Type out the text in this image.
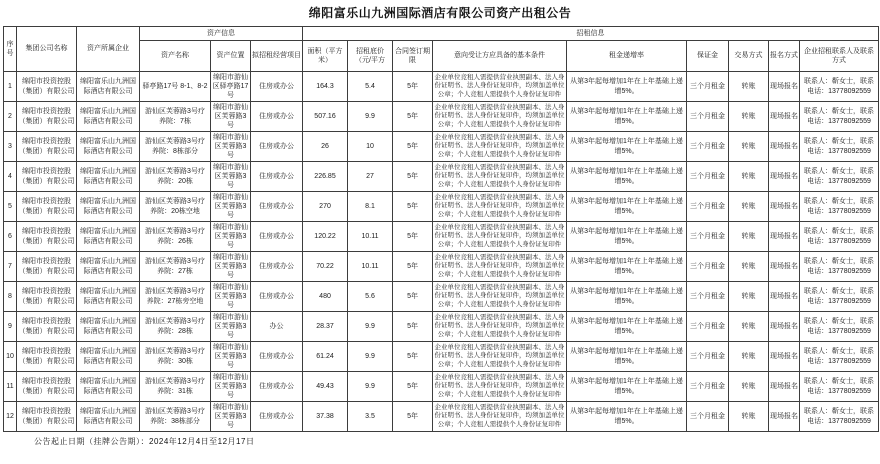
绵阳富乐山九洲国际酒店有限公司资产出租公告
序号	集团公司名称	资产所属企业	资产信息			招租信息								
			资产名称	资产位置	拟招租经营项目	面积（平方米）	招租底价（元/平方	合同签订期限	意向受让方应具备的基本条件	租金递增率	保证金	交易方式	报名方式	企业招租联系人及联系方式
1	绵阳市投资控股（集团）有限公司	绵阳富乐山九洲国际酒店有限公司	驿亭路17号 8-1、8-2	绵阳市游仙区驿亭路17号	住房或办公	164.3	5.4	5年	企业单位竞租人需提供营业执照副本、法人身份证明书、法人身份证复印件，均须加盖单位公章；个人竞租人需提供个人身份证复印件	从第3年起每增加1年在上年基础上递增5%。	三个月租金	转账	现场报名	联系人：靳女士，联系电话：13778092559
2	绵阳市投资控股（集团）有限公司	绵阳富乐山九洲国际酒店有限公司	游仙区芙蓉路3号疗养院：7栋	绵阳市游仙区芙蓉路3号	住房或办公	507.16	9.9	5年	企业单位竞租人需提供营业执照副本、法人身份证明书、法人身份证复印件，均须加盖单位公章；个人竞租人需提供个人身份证复印件	从第3年起每增加1年在上年基础上递增5%。	三个月租金	转账	现场报名	联系人：靳女士，联系电话：13778092559
3	绵阳市投资控股（集团）有限公司	绵阳富乐山九洲国际酒店有限公司	游仙区芙蓉路3号疗养院：8栋部分	绵阳市游仙区芙蓉路3号	住房或办公	26	10	5年	企业单位竞租人需提供营业执照副本、法人身份证明书、法人身份证复印件，均须加盖单位公章；个人竞租人需提供个人身份证复印件	从第3年起每增加1年在上年基础上递增5%。	三个月租金	转账	现场报名	联系人：靳女士，联系电话：13778092559
4	绵阳市投资控股（集团）有限公司	绵阳富乐山九洲国际酒店有限公司	游仙区芙蓉路3号疗养院：20栋	绵阳市游仙区芙蓉路3号	住房或办公	226.85	27	5年	企业单位竞租人需提供营业执照副本、法人身份证明书、法人身份证复印件，均须加盖单位公章；个人竞租人需提供个人身份证复印件	从第3年起每增加1年在上年基础上递增5%。	三个月租金	转账	现场报名	联系人：靳女士，联系电话：13778092559
5	绵阳市投资控股（集团）有限公司	绵阳富乐山九洲国际酒店有限公司	游仙区芙蓉路3号疗养院：20栋空地	绵阳市游仙区芙蓉路3号	住房或办公	270	8.1	5年	企业单位竞租人需提供营业执照副本、法人身份证明书、法人身份证复印件，均须加盖单位公章；个人竞租人需提供个人身份证复印件	从第3年起每增加1年在上年基础上递增5%。	三个月租金	转账	现场报名	联系人：靳女士，联系电话：13778092559
6	绵阳市投资控股（集团）有限公司	绵阳富乐山九洲国际酒店有限公司	游仙区芙蓉路3号疗养院：26栋	绵阳市游仙区芙蓉路3号	住房或办公	120.22	10.11	5年	企业单位竞租人需提供营业执照副本、法人身份证明书、法人身份证复印件，均须加盖单位公章；个人竞租人需提供个人身份证复印件	从第3年起每增加1年在上年基础上递增5%。	三个月租金	转账	现场报名	联系人：靳女士，联系电话：13778092559
7	绵阳市投资控股（集团）有限公司	绵阳富乐山九洲国际酒店有限公司	游仙区芙蓉路3号疗养院：27栋	绵阳市游仙区芙蓉路3号	住房或办公	70.22	10.11	5年	企业单位竞租人需提供营业执照副本、法人身份证明书、法人身份证复印件，均须加盖单位公章；个人竞租人需提供个人身份证复印件	从第3年起每增加1年在上年基础上递增5%。	三个月租金	转账	现场报名	联系人：靳女士，联系电话：13778092559
8	绵阳市投资控股（集团）有限公司	绵阳富乐山九洲国际酒店有限公司	游仙区芙蓉路3号疗养院：27栋旁空地	绵阳市游仙区芙蓉路3号	住房或办公	480	5.6	5年	企业单位竞租人需提供营业执照副本、法人身份证明书、法人身份证复印件，均须加盖单位公章；个人竞租人需提供个人身份证复印件	从第3年起每增加1年在上年基础上递增5%。	三个月租金	转账	现场报名	联系人：靳女士，联系电话：13778092559
9	绵阳市投资控股（集团）有限公司	绵阳富乐山九洲国际酒店有限公司	游仙区芙蓉路3号疗养院：28栋	绵阳市游仙区芙蓉路3号	办公	28.37	9.9	5年	企业单位竞租人需提供营业执照副本、法人身份证明书、法人身份证复印件，均须加盖单位公章；个人竞租人需提供个人身份证复印件	从第3年起每增加1年在上年基础上递增5%。	三个月租金	转账	现场报名	联系人：靳女士，联系电话：13778092559
10	绵阳市投资控股（集团）有限公司	绵阳富乐山九洲国际酒店有限公司	游仙区芙蓉路3号疗养院：30栋	绵阳市游仙区芙蓉路3号	住房或办公	61.24	9.9	5年	企业单位竞租人需提供营业执照副本、法人身份证明书、法人身份证复印件，均须加盖单位公章；个人竞租人需提供个人身份证复印件	从第3年起每增加1年在上年基础上递增5%。	三个月租金	转账	现场报名	联系人：靳女士，联系电话：13778092559
11	绵阳市投资控股（集团）有限公司	绵阳富乐山九洲国际酒店有限公司	游仙区芙蓉路3号疗养院：31栋	绵阳市游仙区芙蓉路3号	住房或办公	49.43	9.9	5年	企业单位竞租人需提供营业执照副本、法人身份证明书、法人身份证复印件，均须加盖单位公章；个人竞租人需提供个人身份证复印件	从第3年起每增加1年在上年基础上递增5%。	三个月租金	转账	现场报名	联系人：靳女士，联系电话：13778092559
12	绵阳市投资控股（集团）有限公司	绵阳富乐山九洲国际酒店有限公司	游仙区芙蓉路3号疗养院：38栋部分	绵阳市游仙区芙蓉路3号	住房或办公	37.38	3.5	5年	企业单位竞租人需提供营业执照副本、法人身份证明书、法人身份证复印件，均须加盖单位公章；个人竞租人需提供个人身份证复印件	从第3年起每增加1年在上年基础上递增5%。	三个月租金	转账	现场报名	联系人：靳女士，联系电话：13778092559
公告起止日期（挂牌公告期）：2024年12月4日至12月17日
